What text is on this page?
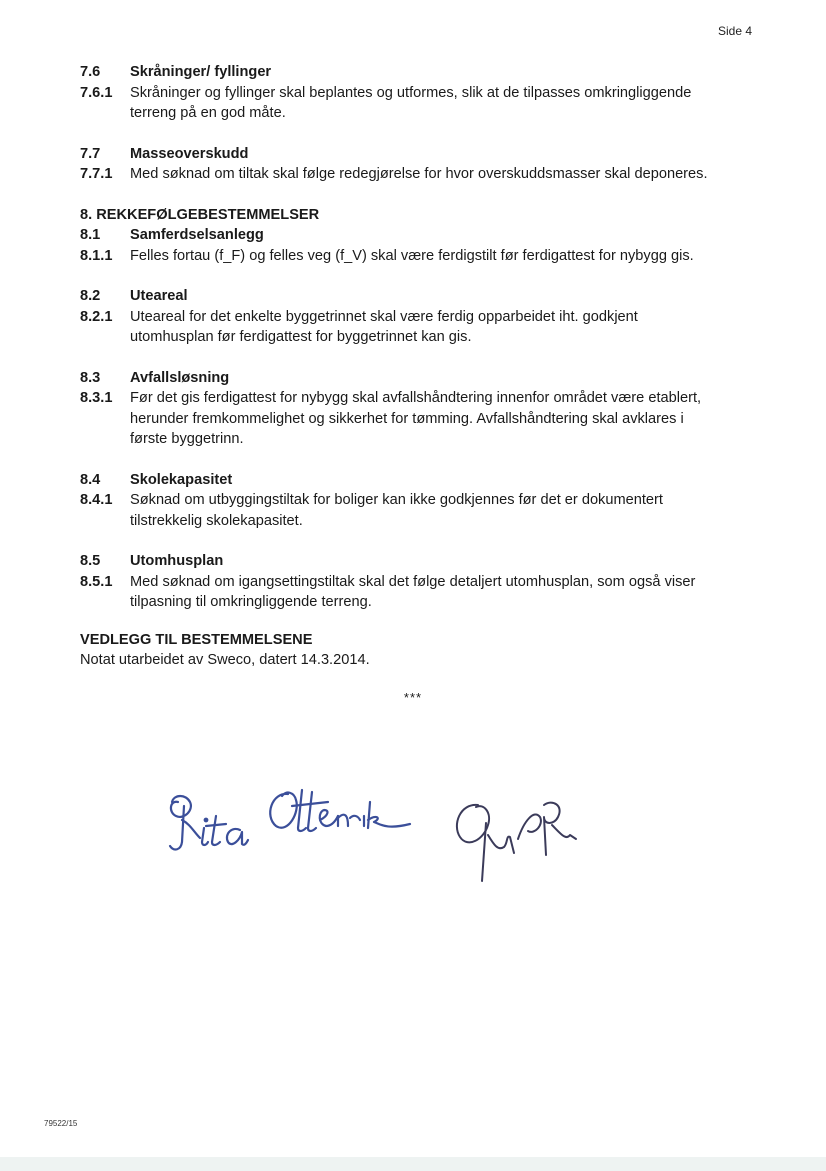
Side 4
7.6	Skråninger/ fyllinger
7.6.1	Skråninger og fyllinger skal beplantes og utformes, slik at de tilpasses omkringliggende
terreng på en god måte.
7.7	Masseoverskudd
7.7.1	Med søknad om tiltak skal følge redegjørelse for hvor overskuddsmasser skal deponeres.
8. REKKEFØLGEBESTEMMELSER
8.1	Samferdselsanlegg
8.1.1	Felles fortau (f_F) og felles veg (f_V) skal være ferdigstilt før ferdigattest for nybygg gis.
8.2	Uteareal
8.2.1	Uteareal for det enkelte byggetrinnet skal være ferdig opparbeidet iht. godkjent
utomhusplan før ferdigattest for byggetrinnet kan gis.
8.3	Avfallsløsning
8.3.1	Før det gis ferdigattest for nybygg skal avfallshåndtering innenfor området være etablert,
herunder fremkommelighet og sikkerhet for tømming. Avfallshåndtering skal avklares i
første byggetrinn.
8.4	Skolekapasitet
8.4.1	Søknad om utbyggingstiltak for boliger kan ikke godkjennes før det er dokumentert
tilstrekkelig skolekapasitet.
8.5	Utomhusplan
8.5.1	Med søknad om igangsettingstiltak skal det følge detaljert utomhusplan, som også viser
tilpasning til omkringliggende terreng.
VEDLEGG TIL BESTEMMELSENE
Notat utarbeidet av Sweco, datert 14.3.2014.
***
79522/15
